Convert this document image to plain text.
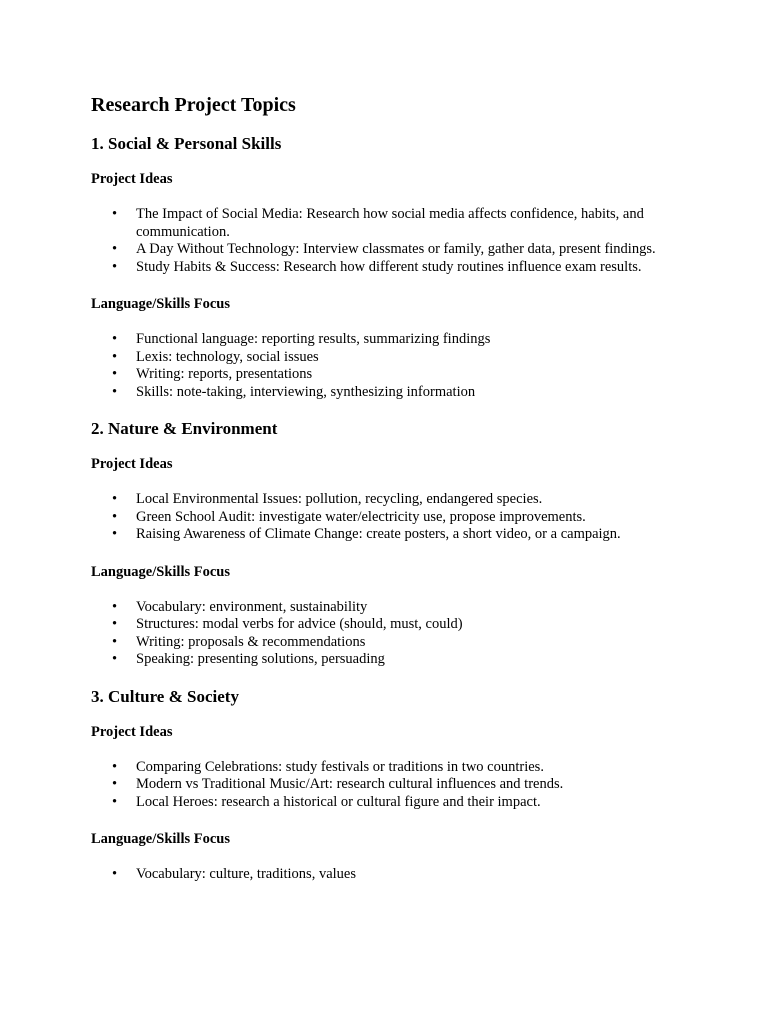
Research Project Topics
1. Social & Personal Skills
Project Ideas
• The Impact of Social Media: Research how social media affects confidence, habits, and communication.
• A Day Without Technology: Interview classmates or family, gather data, present findings.
• Study Habits & Success: Research how different study routines influence exam results.
Language/Skills Focus
• Functional language: reporting results, summarizing findings
• Lexis: technology, social issues
• Writing: reports, presentations
• Skills: note-taking, interviewing, synthesizing information
2. Nature & Environment
Project Ideas
• Local Environmental Issues: pollution, recycling, endangered species.
• Green School Audit: investigate water/electricity use, propose improvements.
• Raising Awareness of Climate Change: create posters, a short video, or a campaign.
Language/Skills Focus
• Vocabulary: environment, sustainability
• Structures: modal verbs for advice (should, must, could)
• Writing: proposals & recommendations
• Speaking: presenting solutions, persuading
3. Culture & Society
Project Ideas
• Comparing Celebrations: study festivals or traditions in two countries.
• Modern vs Traditional Music/Art: research cultural influences and trends.
• Local Heroes: research a historical or cultural figure and their impact.
Language/Skills Focus
• Vocabulary: culture, traditions, values
